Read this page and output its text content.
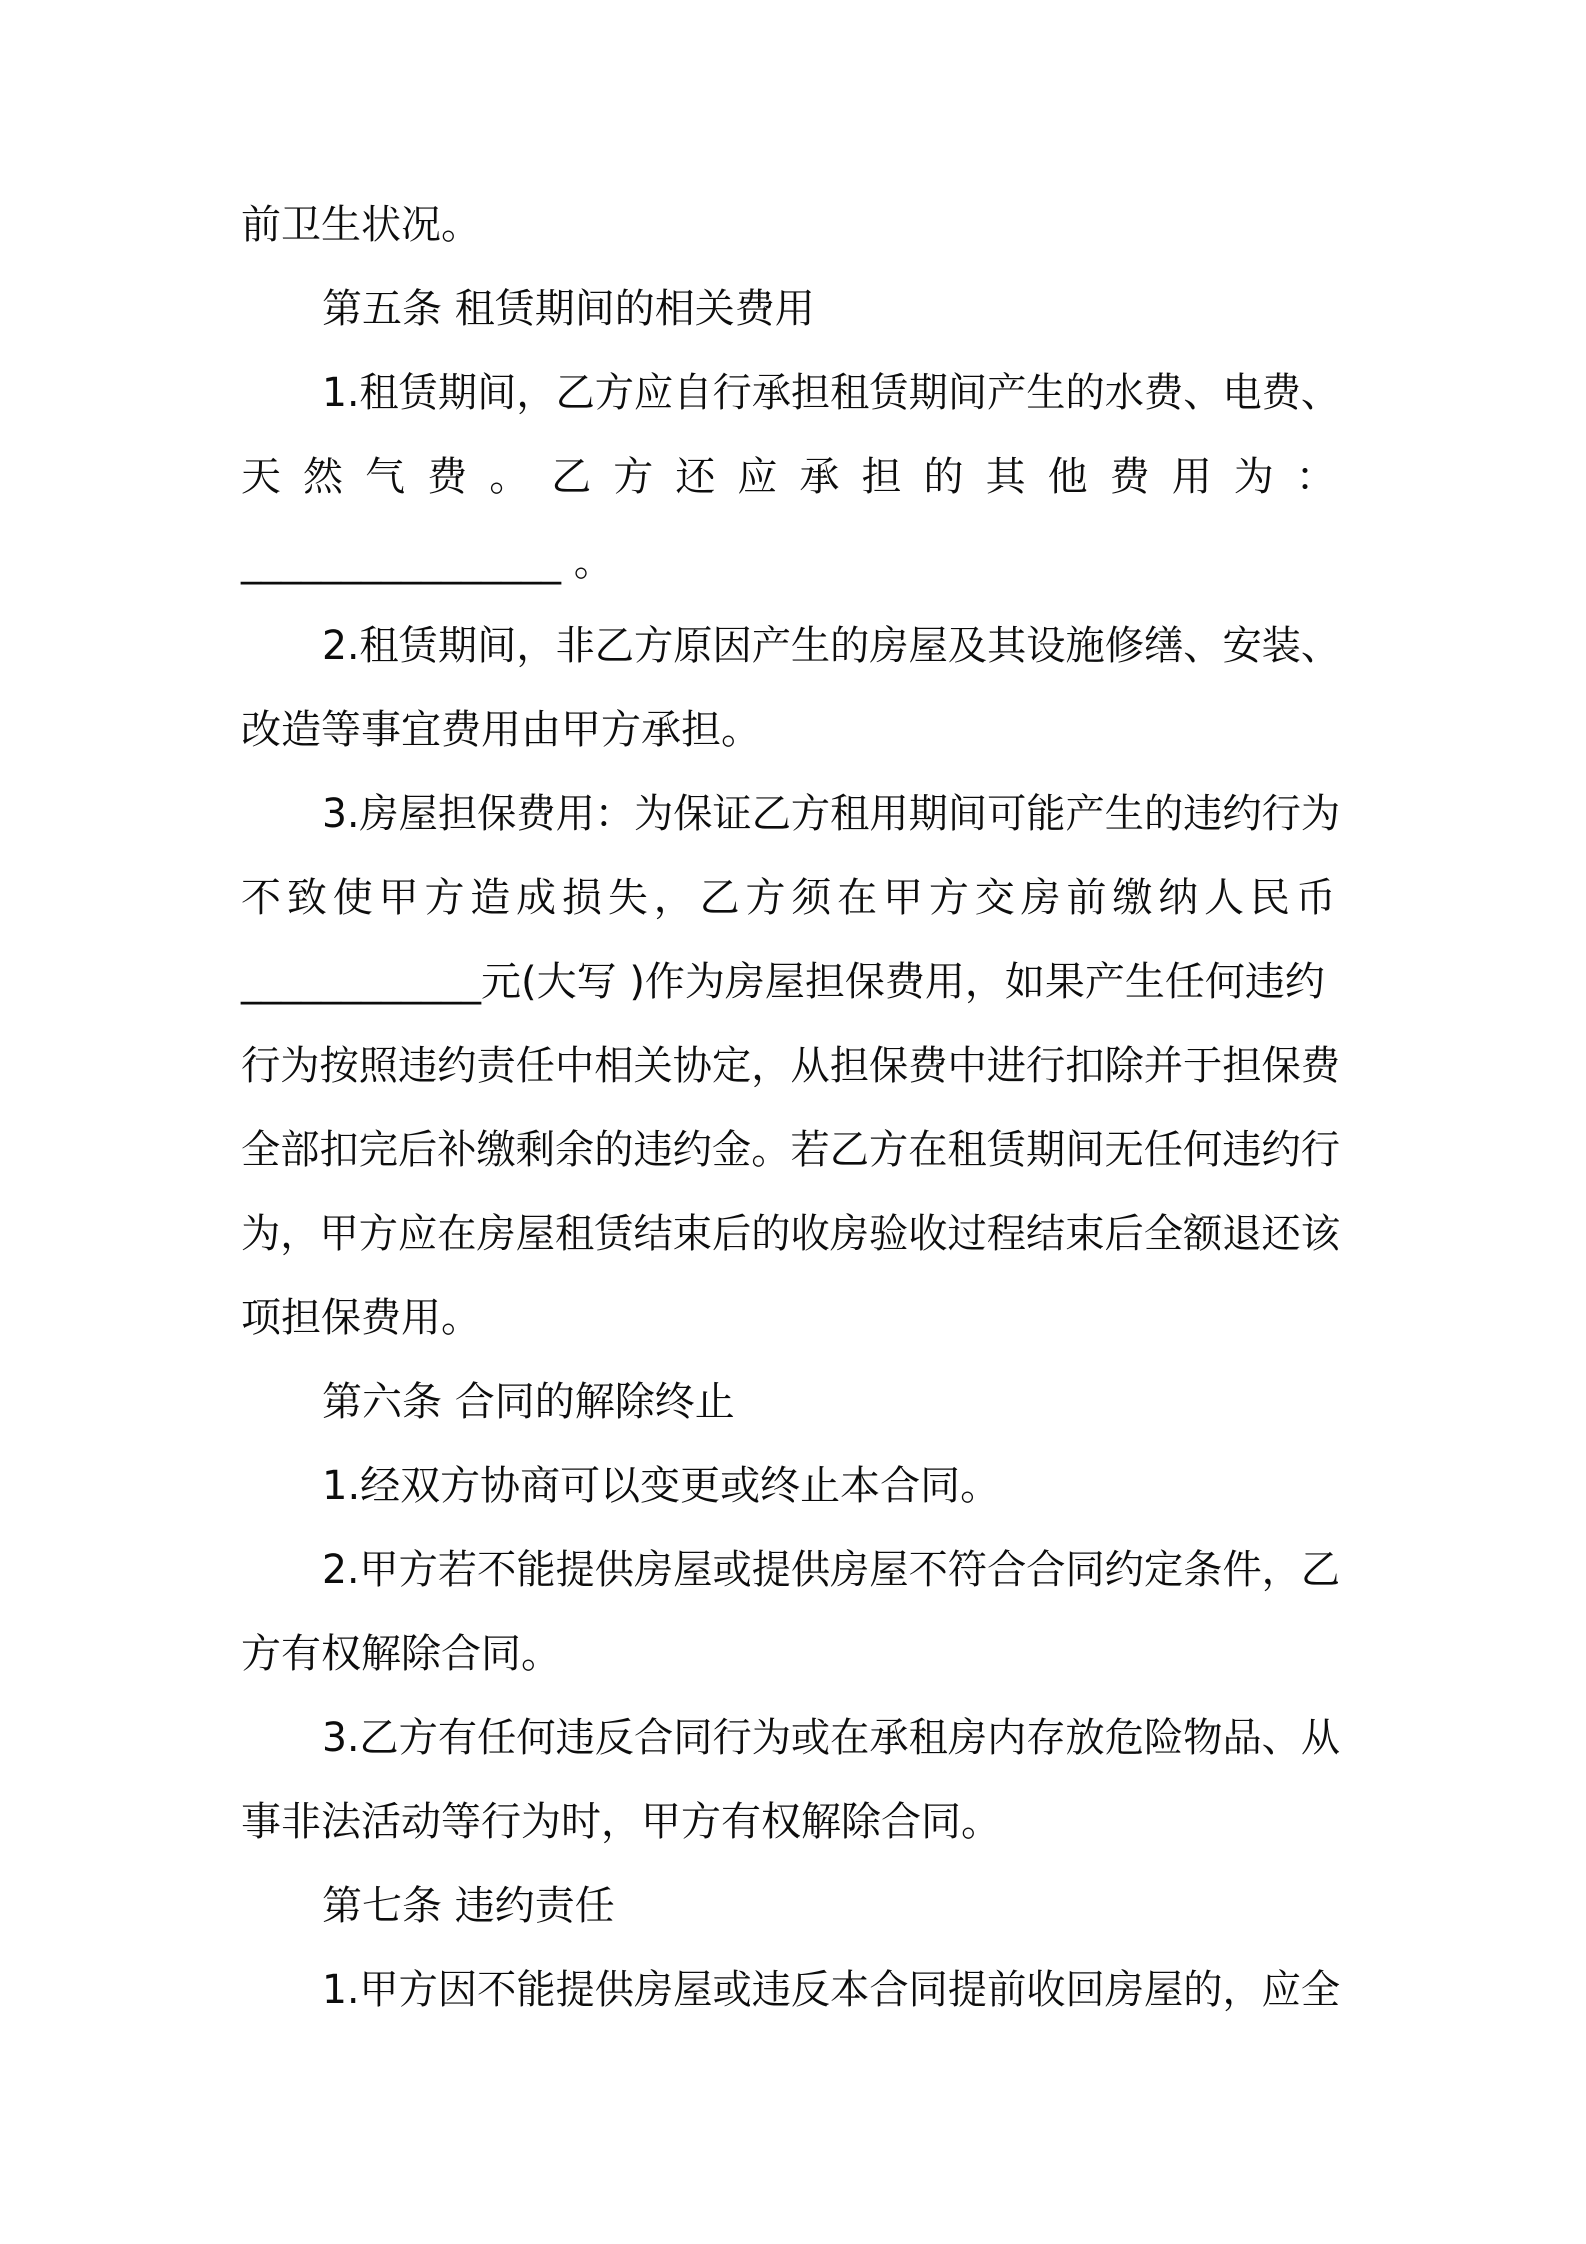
前卫生状况。
第五条 租赁期间的相关费用
1.租赁期间，乙方应自行承担租赁期间产生的水费、电费、
天 然 气 费 。 乙 方 还 应 承 担 的 其 他 费 用 为 ：
________________ 。
2.租赁期间，非乙方原因产生的房屋及其设施修缮、安装、
改造等事宜费用由甲方承担。
3.房屋担保费用：为保证乙方租用期间可能产生的违约行为
不 致 使 甲 方 造 成 损 失 ， 乙 方 须 在 甲 方 交 房 前 缴 纳 人 民 币
____________元(大写 )作为房屋担保费用，如果产生任何违约
行为按照违约责任中相关协定，从担保费中进行扣除并于担保费
全部扣完后补缴剩余的违约金。若乙方在租赁期间无任何违约行
为，甲方应在房屋租赁结束后的收房验收过程结束后全额退还该
项担保费用。
第六条 合同的解除终止
1.经双方协商可以变更或终止本合同。
2.甲方若不能提供房屋或提供房屋不符合合同约定条件，乙
方有权解除合同。
3.乙方有任何违反合同行为或在承租房内存放危险物品、从
事非法活动等行为时，甲方有权解除合同。
第七条 违约责任
1.甲方因不能提供房屋或违反本合同提前收回房屋的，应全
